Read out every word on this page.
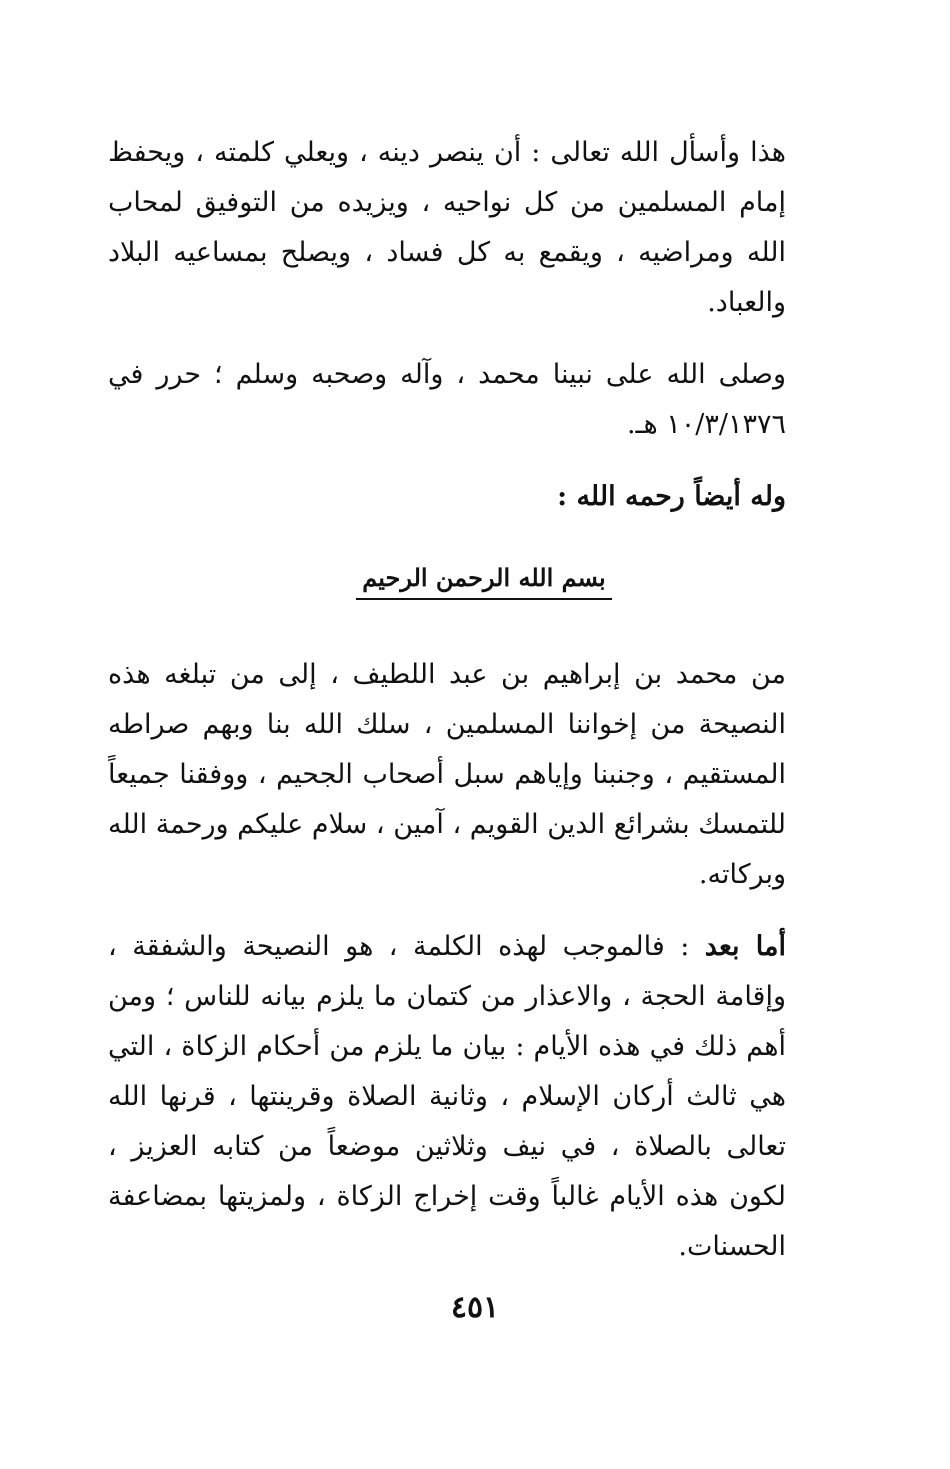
هذا وأسأل الله تعالى : أن ينصر دينه ، ويعلي كلمته ، ويحفظ إمام المسلمين من كل نواحيه ، ويزيده من التوفيق لمحاب الله ومراضيه ، ويقمع به كل فساد ، ويصلح بمساعيه البلاد والعباد.

وصلى الله على نبينا محمد ، وآله وصحبه وسلم ؛ حرر في ١٠/٣/١٣٧٦ هـ.

وله أيضاً رحمه الله :

بسم الله الرحمن الرحيم

من محمد بن إبراهيم بن عبد اللطيف ، إلى من تبلغه هذه النصيحة من إخواننا المسلمين ، سلك الله بنا وبهم صراطه المستقيم ، وجنبنا وإياهم سبل أصحاب الجحيم ، ووفقنا جميعاً للتمسك بشرائع الدين القويم ، آمين ، سلام عليكم ورحمة الله وبركاته.

أما بعد : فالموجب لهذه الكلمة ، هو النصيحة والشفقة ، وإقامة الحجة ، والاعذار من كتمان ما يلزم بيانه للناس ؛ ومن أهم ذلك في هذه الأيام : بيان ما يلزم من أحكام الزكاة ، التي هي ثالث أركان الإسلام ، وثانية الصلاة وقرينتها ، قرنها الله تعالى بالصلاة ، في نيف وثلاثين موضعاً من كتابه العزيز ، لكون هذه الأيام غالباً وقت إخراج الزكاة ، ولمزيتها بمضاعفة الحسنات.

٤٥١
